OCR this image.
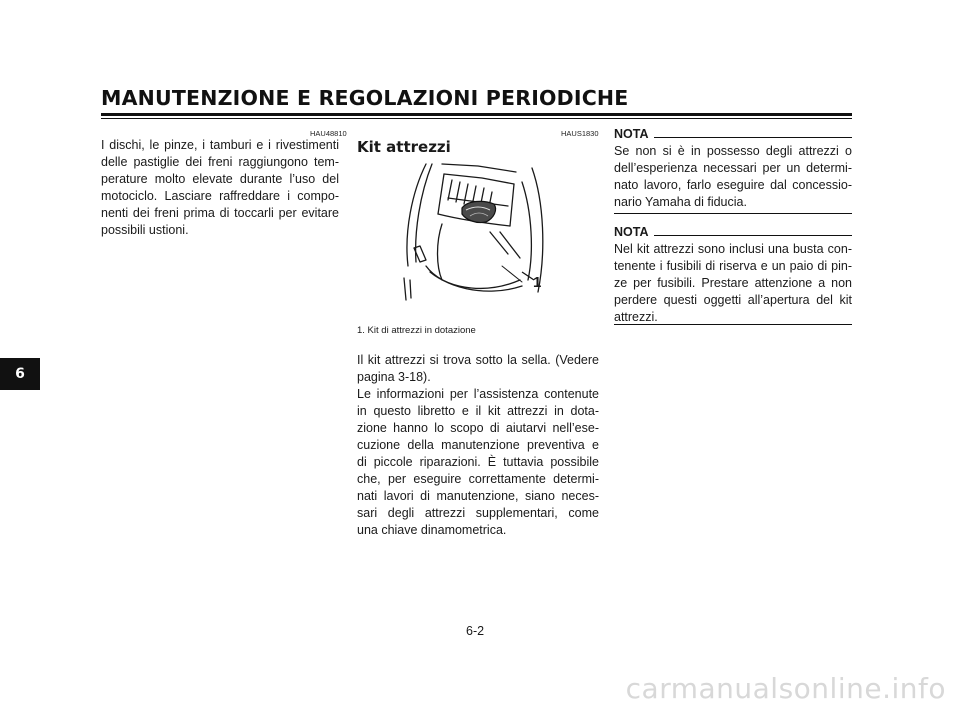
MANUTENZIONE E REGOLAZIONI PERIODICHE
6
HAU48810
I dischi, le pinze, i tamburi e i rivestimenti
delle pastiglie dei freni raggiungono tem-
perature molto elevate durante l’uso del
motociclo. Lasciare raffreddare i compo-
nenti dei freni prima di toccarli per evitare
possibili ustioni.
HAUS1830
Kit attrezzi
1
1. Kit di attrezzi in dotazione
Il kit attrezzi si trova sotto la sella. (Vedere
pagina 3-18).
Le informazioni per l’assistenza contenute
in questo libretto e il kit attrezzi in dota-
zione hanno lo scopo di aiutarvi nell’ese-
cuzione della manutenzione preventiva e
di piccole riparazioni. È tuttavia possibile
che, per eseguire correttamente determi-
nati lavori di manutenzione, siano neces-
sari degli attrezzi supplementari, come
una chiave dinamometrica.
NOTA
Se non si è in possesso degli attrezzi o
dell’esperienza necessari per un determi-
nato lavoro, farlo eseguire dal concessio-
nario Yamaha di fiducia.
NOTA
Nel kit attrezzi sono inclusi una busta con-
tenente i fusibili di riserva e un paio di pin-
ze per fusibili. Prestare attenzione a non
perdere questi oggetti all’apertura del kit
attrezzi.
6-2
carmanualsonline.info
